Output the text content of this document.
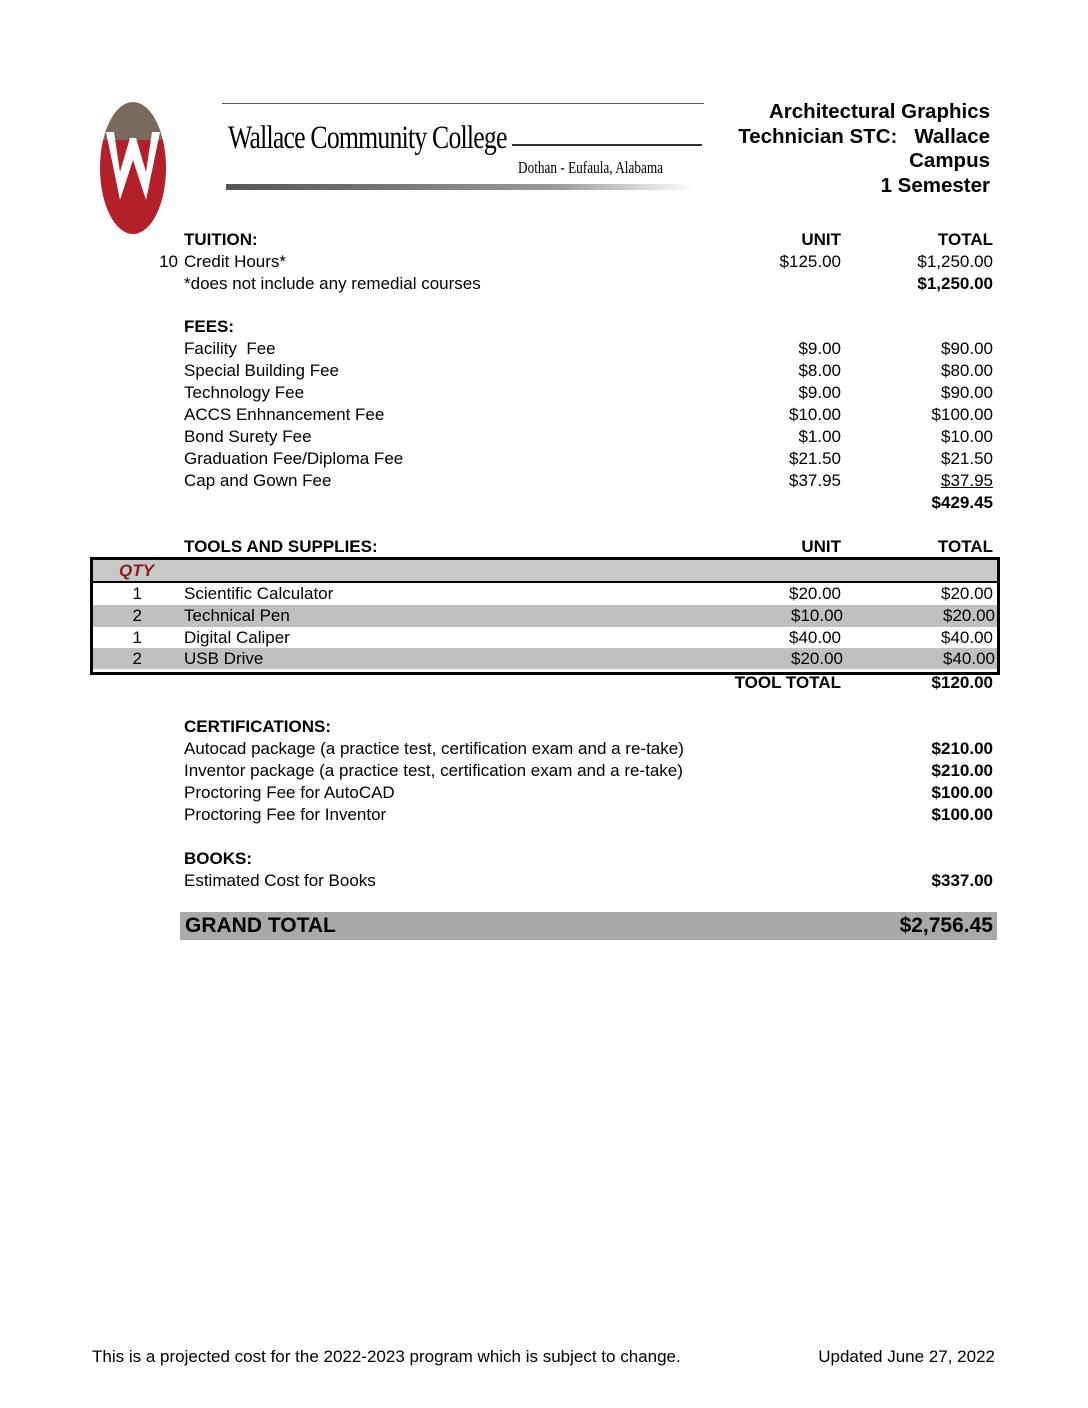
Wallace Community College
Dothan - Eufaula, Alabama
Architectural Graphics
Technician STC:   Wallace
Campus
1 Semester
TUITION:	UNIT	TOTAL
10 Credit Hours*	$125.00	$1,250.00
*does not include any remedial courses	$1,250.00
FEES:
Facility  Fee	$9.00	$90.00
Special Building Fee	$8.00	$80.00
Technology Fee	$9.00	$90.00
ACCS Enhnancement Fee	$10.00	$100.00
Bond Surety Fee	$1.00	$10.00
Graduation Fee/Diploma Fee	$21.50	$21.50
Cap and Gown Fee	$37.95	$37.95
$429.45
TOOLS AND SUPPLIES:	UNIT	TOTAL
QTY
1 Scientific Calculator	$20.00	$20.00
2 Technical Pen	$10.00	$20.00
1 Digital Caliper	$40.00	$40.00
2 USB Drive	$20.00	$40.00
TOOL TOTAL	$120.00
CERTIFICATIONS:
Autocad package (a practice test, certification exam and a re-take)	$210.00
Inventor package (a practice test, certification exam and a re-take)	$210.00
Proctoring Fee for AutoCAD	$100.00
Proctoring Fee for Inventor	$100.00
BOOKS:
Estimated Cost for Books	$337.00
GRAND TOTAL	$2,756.45
This is a projected cost for the 2022-2023 program which is subject to change.	Updated June 27, 2022
